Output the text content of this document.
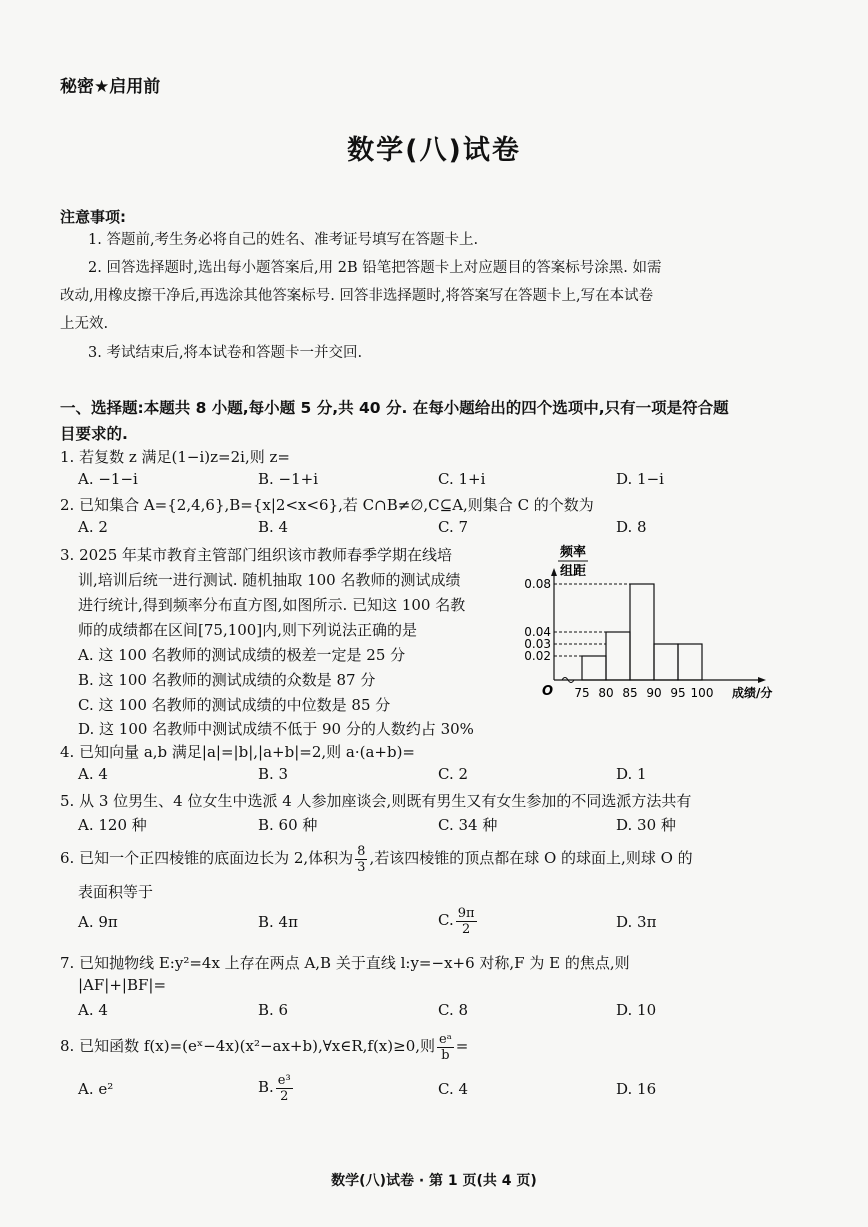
秘密★启用前
数学(八)试卷
注意事项:
1. 答题前,考生务必将自己的姓名、准考证号填写在答题卡上.
2. 回答选择题时,选出每小题答案后,用 2B 铅笔把答题卡上对应题目的答案标号涂黑. 如需
改动,用橡皮擦干净后,再选涂其他答案标号. 回答非选择题时,将答案写在答题卡上,写在本试卷
上无效.
3. 考试结束后,将本试卷和答题卡一并交回.
一、选择题:本题共 8 小题,每小题 5 分,共 40 分. 在每小题给出的四个选项中,只有一项是符合题
目要求的.
1. 若复数 z 满足(1−i)z=2i,则 z=
A. −1−i	B. −1+i	C. 1+i	D. 1−i
2. 已知集合 A={2,4,6},B={x|2<x<6},若 C∩B≠∅,C⊆A,则集合 C 的个数为
A. 2	B. 4	C. 7	D. 8
3. 2025 年某市教育主管部门组织该市教师春季学期在线培
训,培训后统一进行测试. 随机抽取 100 名教师的测试成绩
进行统计,得到频率分布直方图,如图所示. 已知这 100 名教
师的成绩都在区间[75,100]内,则下列说法正确的是
A. 这 100 名教师的测试成绩的极差一定是 25 分
B. 这 100 名教师的测试成绩的众数是 87 分
C. 这 100 名教师的测试成绩的中位数是 85 分
D. 这 100 名教师中测试成绩不低于 90 分的人数约占 30%
频率
组距
O	成绩/分
0.08
0.04
0.03
0.02
75 80 85 90 95 100
4. 已知向量 a,b 满足|a|=|b|,|a+b|=2,则 a·(a+b)=
A. 4	B. 3	C. 2	D. 1
5. 从 3 位男生、4 位女生中选派 4 人参加座谈会,则既有男生又有女生参加的不同选派方法共有
A. 120 种	B. 60 种	C. 34 种	D. 30 种
6. 已知一个正四棱锥的底面边长为 2,体积为 $\frac{8}{3}$ ,若该四棱锥的顶点都在球 O 的球面上,则球 O 的
表面积等于
A. 9π	B. 4π	C. $\frac{9\pi}{2}$	D. 3π
7. 已知抛物线 E:y²=4x 上存在两点 A,B 关于直线 l:y=−x+6 对称,F 为 E 的焦点,则
|AF|+|BF|=
A. 4	B. 6	C. 8	D. 10
8. 已知函数 f(x)=(eˣ−4x)(x²−ax+b),∀x∈R,f(x)≥0,则 $\frac{\text{eᵃ}}{b}$ =
A. e²	B. $\frac{\text{e³}}{2}$	C. 4	D. 16
数学(八)试卷 · 第 1 页(共 4 页)
